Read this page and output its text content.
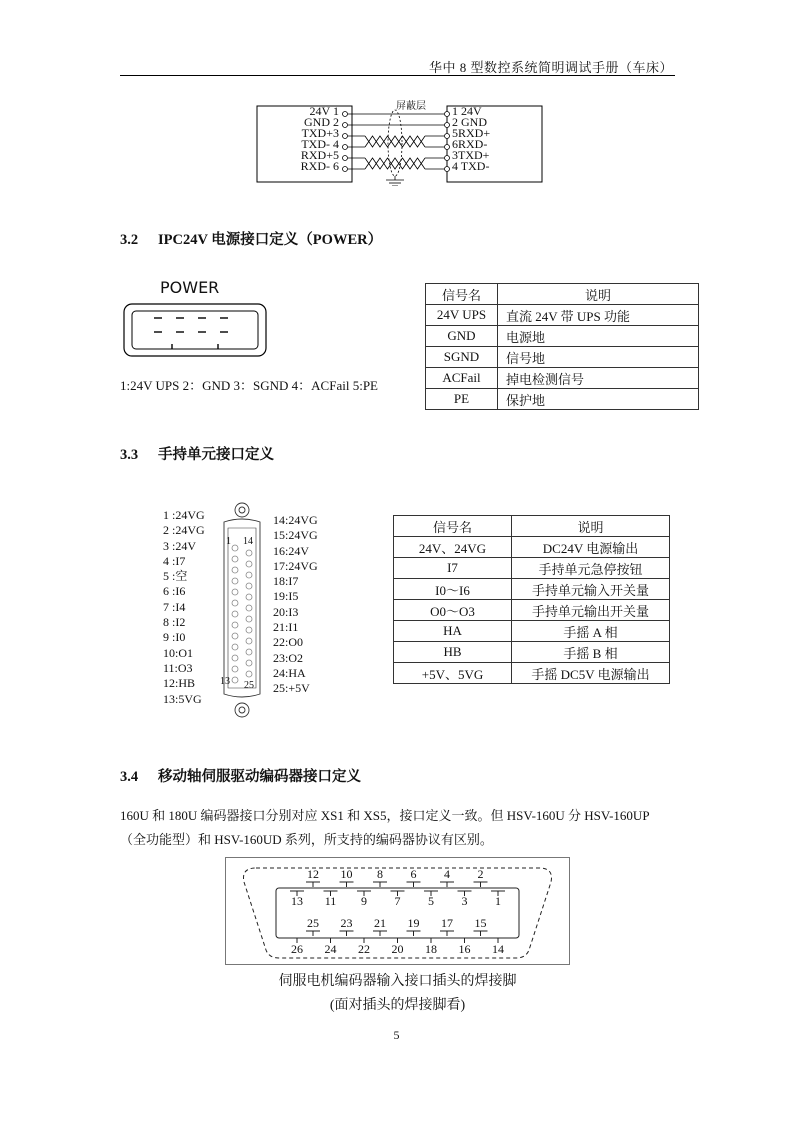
华中 8 型数控系统简明调试手册（车床）
屏蔽层
24V 1
GND 2
TXD+3
TXD- 4
RXD+5
RXD- 6
1 24V
2 GND
5RXD+
6RXD-
3TXD+
4 TXD-
3.2 IPC24V 电源接口定义（POWER）
POWER
1:24V UPS 2：GND 3：SGND 4：ACFail 5:PE
信号名	说明
24V UPS	直流 24V 带 UPS 功能
GND	电源地
SGND	信号地
ACFail	掉电检测信号
PE	保护地
3.3 手持单元接口定义
1 :24VG
2 :24VG
3 :24V
4 :I7
5 :空
6 :I6
7 :I4
8 :I2
9 :I0
10:O1
11:O3
12:HB
13:5VG
14:24VG
15:24VG
16:24V
17:24VG
18:I7
19:I5
20:I3
21:I1
22:O0
23:O2
24:HA
25:+5V
1 14
13 25
信号名	说明
24V、24VG	DC24V 电源输出
I7	手持单元急停按钮
I0～I6	手持单元输入开关量
O0～O3	手持单元输出开关量
HA	手摇 A 相
HB	手摇 B 相
+5V、5VG	手摇 DC5V 电源输出
3.4 移动轴伺服驱动编码器接口定义
160U 和 180U 编码器接口分别对应 XS1 和 XS5，接口定义一致。但 HSV-160U 分 HSV-160UP
（全功能型）和 HSV-160UD 系列，所支持的编码器协议有区别。
12 10	8	6	4	2
13 11	9	7	5	3	1
25 23 21 19 17 15
26 24 22 20 18 16 14
伺服电机编码器输入接口插头的焊接脚
(面对插头的焊接脚看)
5
